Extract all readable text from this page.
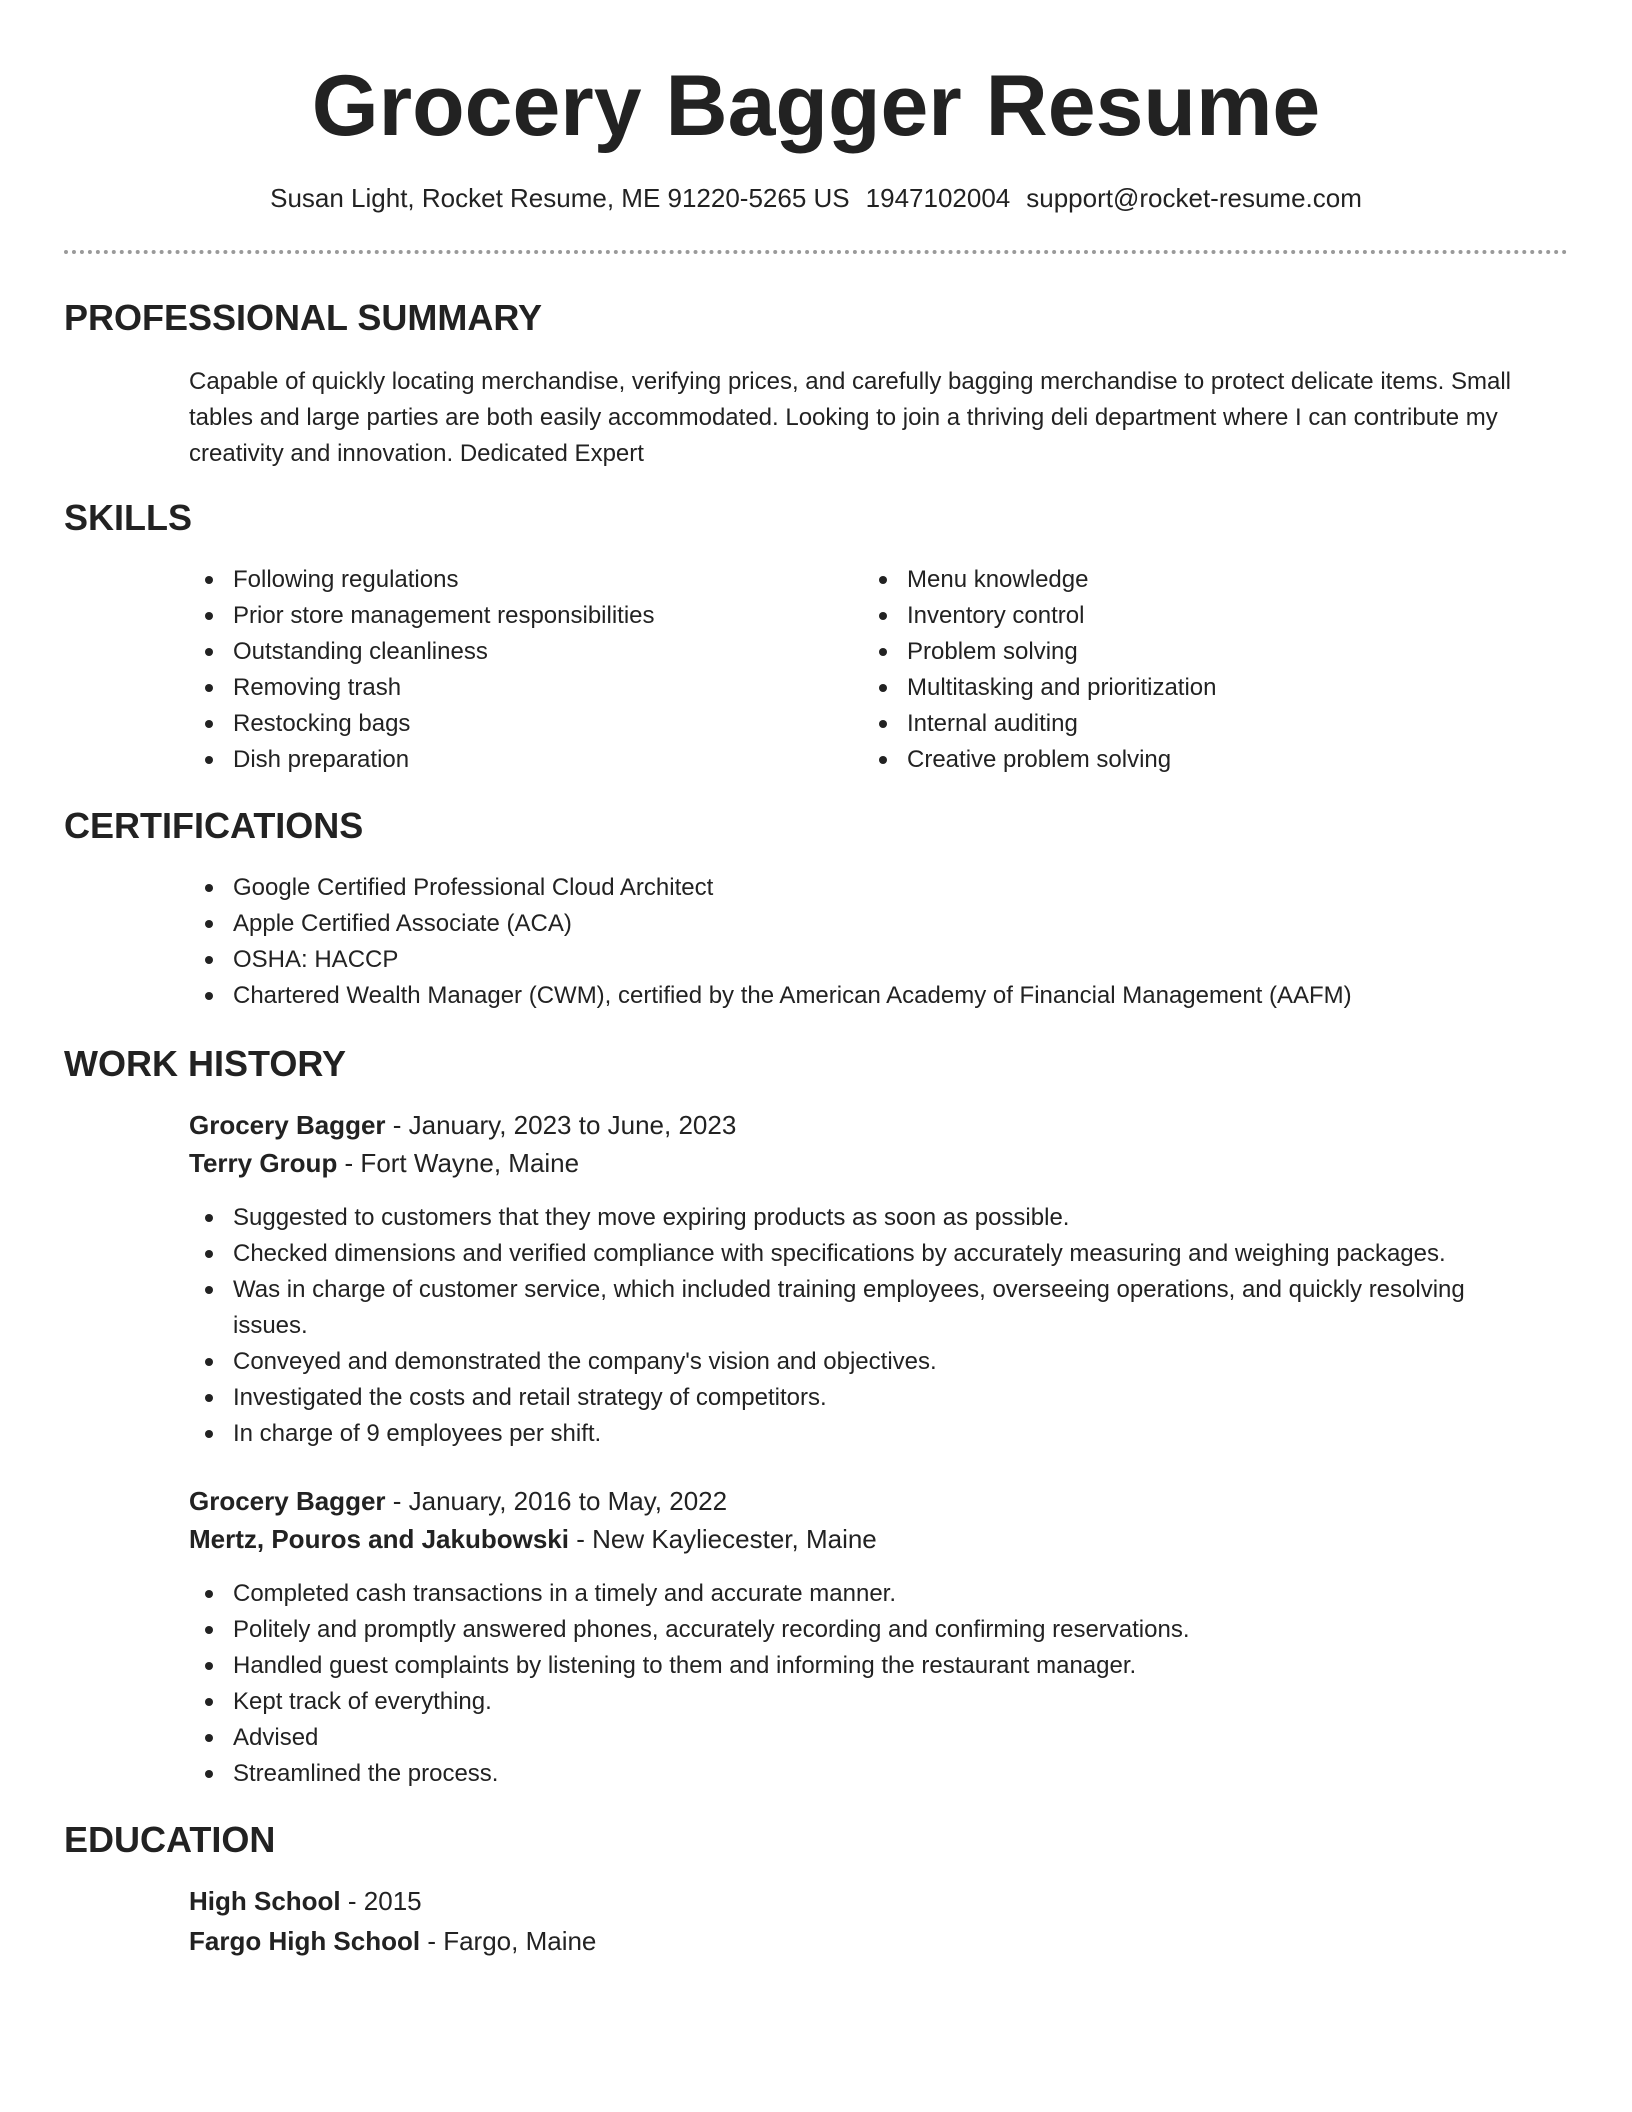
Grocery Bagger Resume
Susan Light, Rocket Resume, ME 91220-5265 US 1947102004 support@rocket-resume.com
PROFESSIONAL SUMMARY

Capable of quickly locating merchandise, verifying prices, and carefully bagging merchandise to protect delicate items. Small tables and large parties are both easily accommodated. Looking to join a thriving deli department where I can contribute my creativity and innovation. Dedicated Expert

SKILLS
Following regulations
Prior store management responsibilities
Outstanding cleanliness
Removing trash
Restocking bags
Dish preparation
Menu knowledge
Inventory control
Problem solving
Multitasking and prioritization
Internal auditing
Creative problem solving
CERTIFICATIONS
Google Certified Professional Cloud Architect
Apple Certified Associate (ACA)
OSHA: HACCP
Chartered Wealth Manager (CWM), certified by the American Academy of Financial Management (AAFM)
WORK HISTORY
Grocery Bagger - January, 2023 to June, 2023
Terry Group - Fort Wayne, Maine
Suggested to customers that they move expiring products as soon as possible.
Checked dimensions and verified compliance with specifications by accurately measuring and weighing packages.
Was in charge of customer service, which included training employees, overseeing operations, and quickly resolving issues.
Conveyed and demonstrated the company's vision and objectives.
Investigated the costs and retail strategy of competitors.
In charge of 9 employees per shift.
Grocery Bagger - January, 2016 to May, 2022
Mertz, Pouros and Jakubowski - New Kayliecester, Maine
Completed cash transactions in a timely and accurate manner.
Politely and promptly answered phones, accurately recording and confirming reservations.
Handled guest complaints by listening to them and informing the restaurant manager.
Kept track of everything.
Advised
Streamlined the process.
EDUCATION
High School - 2015
Fargo High School - Fargo, Maine
